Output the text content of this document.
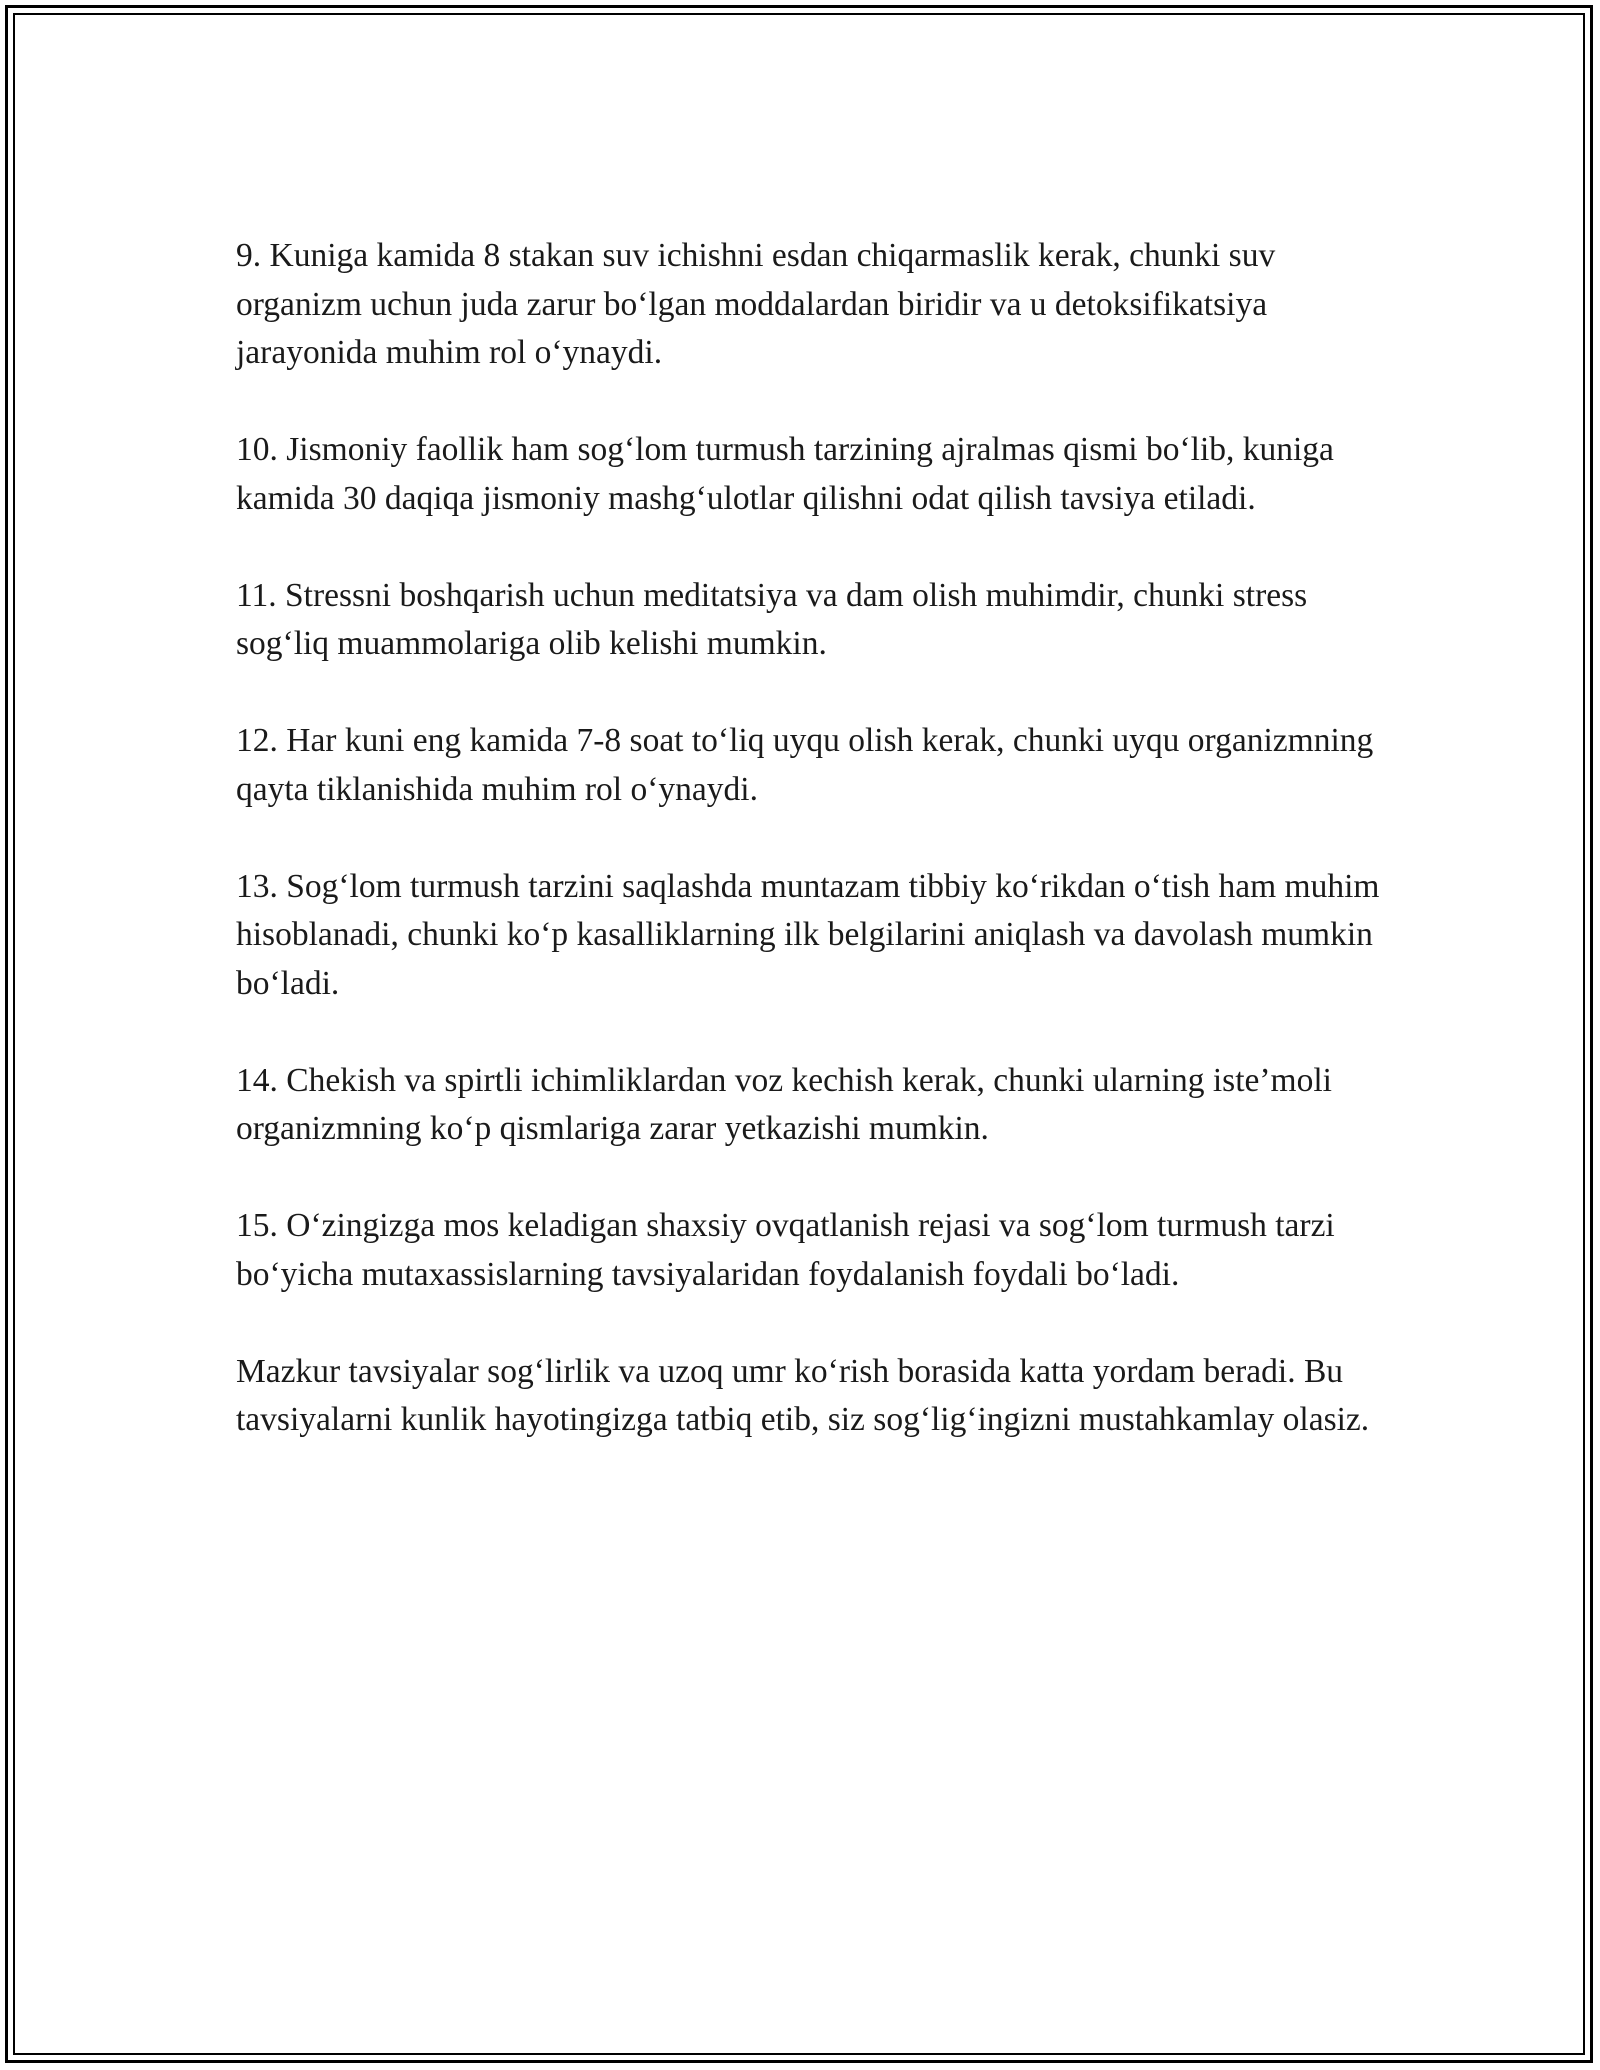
9. Kuniga kamida 8 stakan suv ichishni esdan chiqarmaslik kerak, chunki suv organizm uchun juda zarur bo‘lgan moddalardan biridir va u detoksifikatsiya jarayonida muhim rol o‘ynaydi.

10. Jismoniy faollik ham sog‘lom turmush tarzining ajralmas qismi bo‘lib, kuniga kamida 30 daqiqa jismoniy mashg‘ulotlar qilishni odat qilish tavsiya etiladi.

11. Stressni boshqarish uchun meditatsiya va dam olish muhimdir, chunki stress sog‘liq muammolariga olib kelishi mumkin.

12. Har kuni eng kamida 7-8 soat to‘liq uyqu olish kerak, chunki uyqu organizmning qayta tiklanishida muhim rol o‘ynaydi.

13. Sog‘lom turmush tarzini saqlashda muntazam tibbiy ko‘rikdan o‘tish ham muhim hisoblanadi, chunki ko‘p kasalliklarning ilk belgilarini aniqlash va davolash mumkin bo‘ladi.

14. Chekish va spirtli ichimliklardan voz kechish kerak, chunki ularning iste’moli organizmning ko‘p qismlariga zarar yetkazishi mumkin.

15. O‘zingizga mos keladigan shaxsiy ovqatlanish rejasi va sog‘lom turmush tarzi bo‘yicha mutaxassislarning tavsiyalaridan foydalanish foydali bo‘ladi.

Mazkur tavsiyalar sog‘lirlik va uzoq umr ko‘rish borasida katta yordam beradi. Bu tavsiyalarni kunlik hayotingizga tatbiq etib, siz sog‘lig‘ingizni mustahkamlay olasiz.
